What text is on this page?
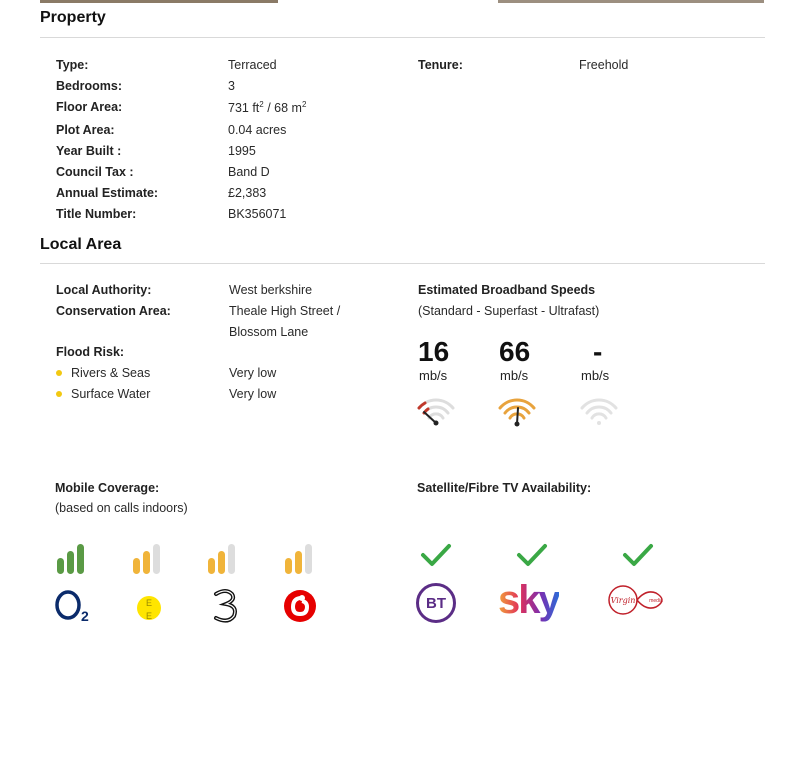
Property
Type:	Terraced
Bedrooms:	3
Floor Area:	731 $ft^2 / 68$ $m^2$
Plot Area:	0.04 acres
Year Built :	1995
Council Tax :	Band D
Annual Estimate:	£2,383
Title Number:	BK356071
Tenure:	Freehold
Local Area
Local Authority:	West berkshire
Conservation Area:	Theale High Street /
Blossom Lane
Flood Risk:
Rivers & Seas	Very low
Surface Water	Very low
Estimated Broadband Speeds
(Standard - Superfast - Ultrafast)
16
mb/s
66
mb/s
-
mb/s
Mobile Coverage:
(based on calls indoors)
2
E
E
Satellite/Fibre TV Availability:
BT sky	Virgin	media
